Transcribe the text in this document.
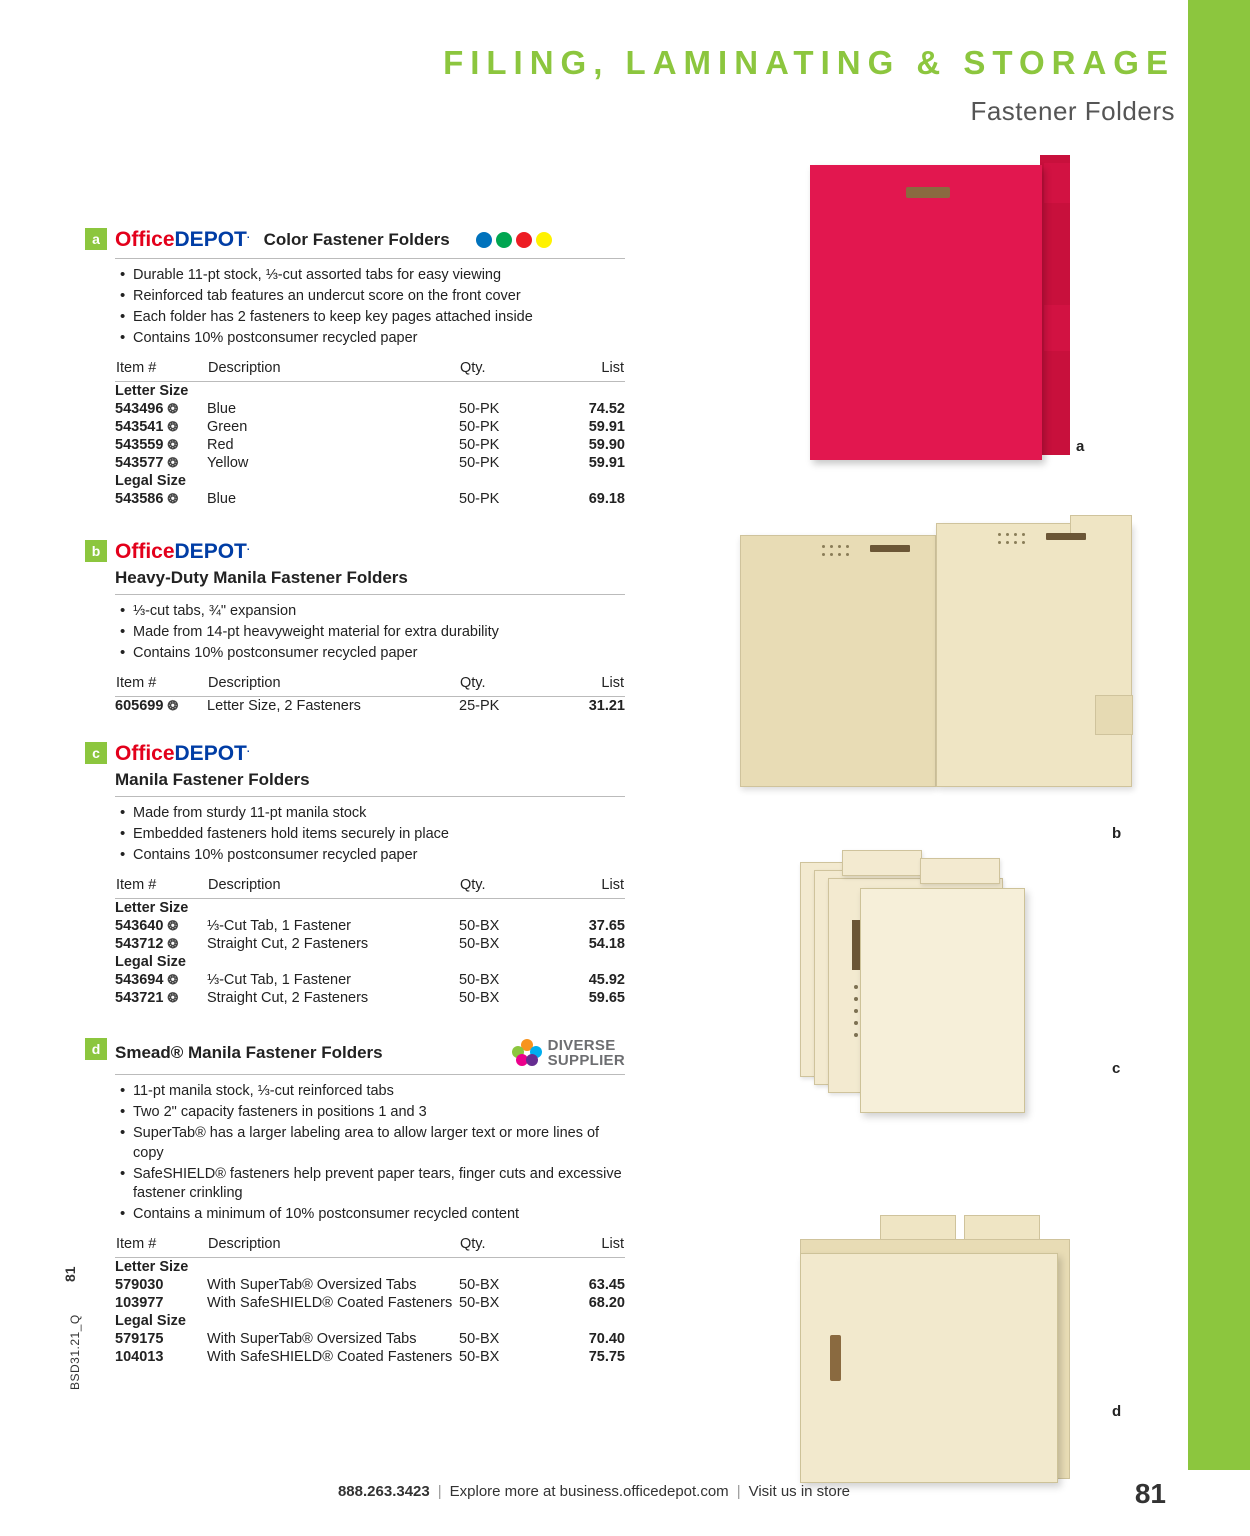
FILING, LAMINATING & STORAGE
Fastener Folders
a OfficeDEPOT. Color Fastener Folders
• Durable 11-pt stock, ⅓-cut assorted tabs for easy viewing
• Reinforced tab features an undercut score on the front cover
• Each folder has 2 fasteners to keep key pages attached inside
• Contains 10% postconsumer recycled paper
Item #	Description	Qty.	List

Letter Size			
543496 ❂	Blue	50-PK	74.52
543541 ❂	Green	50-PK	59.91
543559 ❂	Red	50-PK	59.90
543577 ❂	Yellow	50-PK	59.91
Legal Size			
543586 ❂	Blue	50-PK	69.18
b OfficeDEPOT.
Heavy-Duty Manila Fastener Folders
• ⅓-cut tabs, ¾" expansion
• Made from 14-pt heavyweight material for extra durability
• Contains 10% postconsumer recycled paper
Item #	Description	Qty.	List

605699 ❂	Letter Size, 2 Fasteners	25-PK	31.21
c OfficeDEPOT.
Manila Fastener Folders
• Made from sturdy 11-pt manila stock
• Embedded fasteners hold items securely in place
• Contains 10% postconsumer recycled paper
Item #	Description	Qty.	List

Letter Size			
543640 ❂	⅓-Cut Tab, 1 Fastener	50-BX	37.65
543712 ❂	Straight Cut, 2 Fasteners	50-BX	54.18
Legal Size			
543694 ❂	⅓-Cut Tab, 1 Fastener	50-BX	45.92
543721 ❂	Straight Cut, 2 Fasteners	50-BX	59.65
d Smead® Manila Fastener Folders	DIVERSE
SUPPLIER
• 11-pt manila stock, ⅓-cut reinforced tabs
• Two 2" capacity fasteners in positions 1 and 3
• SuperTab® has a larger labeling area to allow larger text or more lines of copy
• SafeSHIELD® fasteners help prevent paper tears, finger cuts and excessive fastener crinkling
• Contains a minimum of 10% postconsumer recycled content
Item #	Description	Qty.	List

Letter Size			
579030	With SuperTab® Oversized Tabs	50-BX	63.45
103977	With SafeSHIELD® Coated Fasteners	50-BX	68.20
Legal Size			
579175	With SuperTab® Oversized Tabs	50-BX	70.40
104013	With SafeSHIELD® Coated Fasteners	50-BX	75.75
a
b
c
d
81
BSD31.21_Q
888.263.3423 | Explore more at business.officedepot.com | Visit us in store	81
